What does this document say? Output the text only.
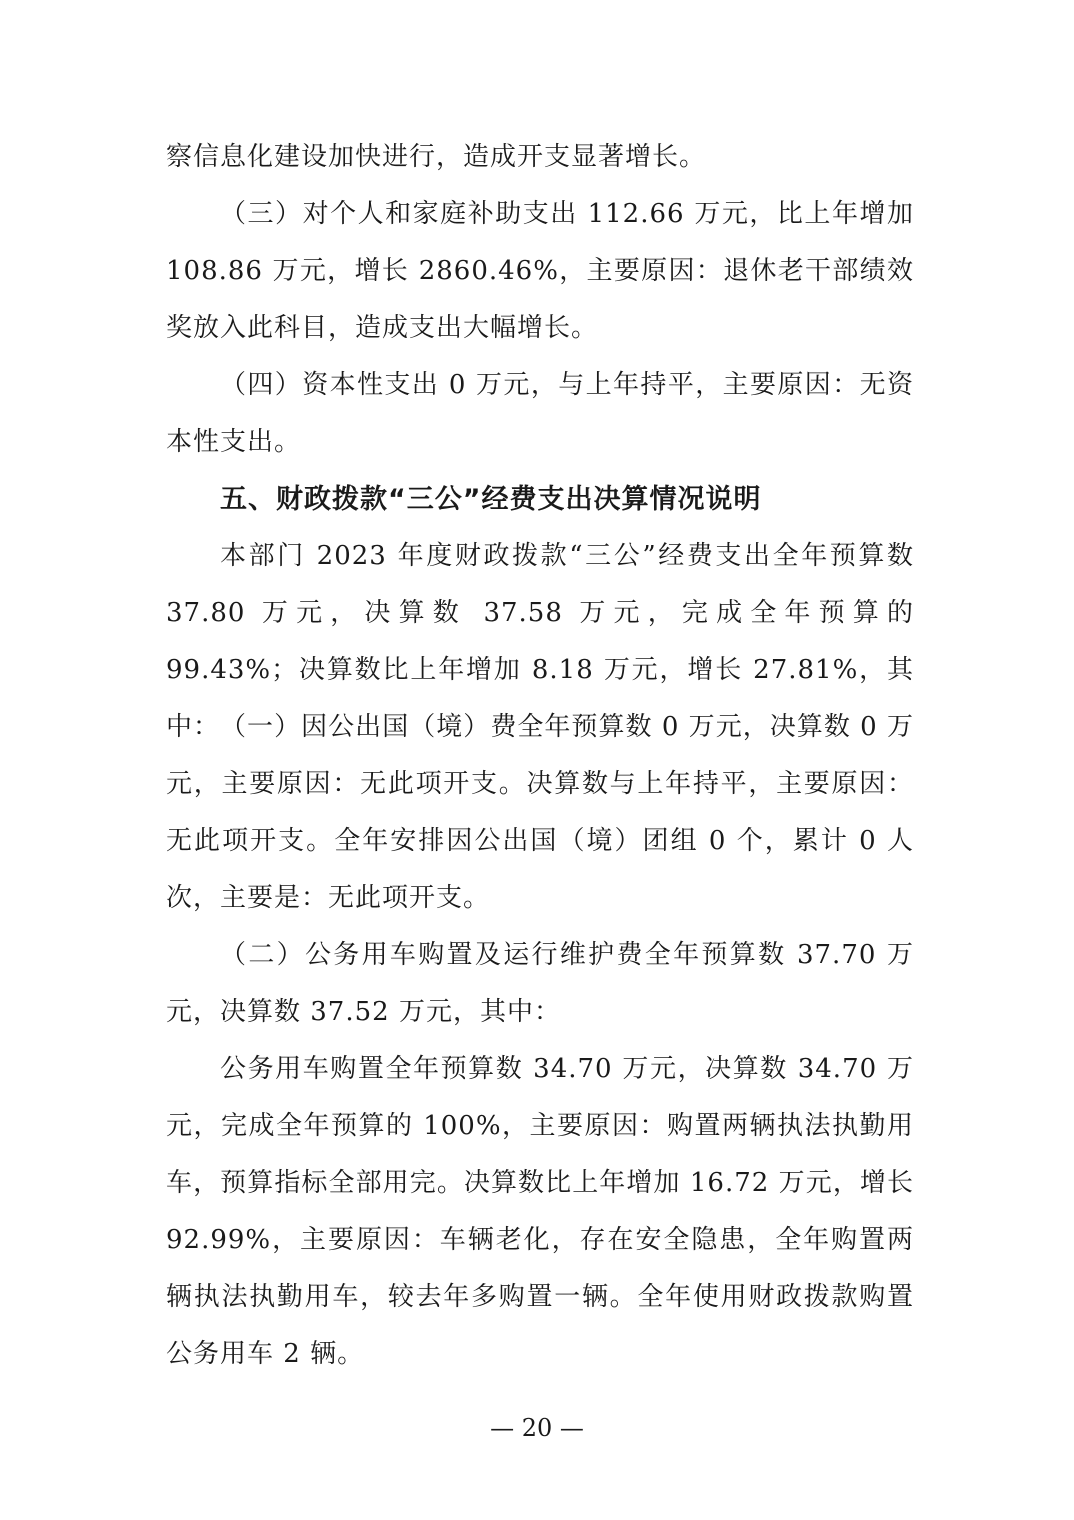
察信息化建设加快进行，造成开支显著增长。

（三）对个人和家庭补助支出 112.66 万元，比上年增加 108.86 万元，增长 2860.46%，主要原因：退休老干部绩效奖放入此科目，造成支出大幅增长。

（四）资本性支出 0 万元，与上年持平，主要原因：无资本性支出。

五、财政拨款“三公”经费支出决算情况说明

本部门 2023 年度财政拨款“三公”经费支出全年预算数 37.80 万元，决算数 37.58 万元，完成全年预算的 99.43%；决算数比上年增加 8.18 万元，增长 27.81%，其中： （一）因公出国（境）费全年预算数 0 万元，决算数 0 万元，主要原因：无此项开支。决算数与上年持平，主要原因：无此项开支。全年安排因公出国（境）团组 0 个，累计 0 人次，主要是：无此项开支。

（二）公务用车购置及运行维护费全年预算数 37.70 万元，决算数 37.52 万元，其中：

公务用车购置全年预算数 34.70 万元，决算数 34.70 万元，完成全年预算的 100%，主要原因：购置两辆执法执勤用车，预算指标全部用完。决算数比上年增加 16.72 万元，增长 92.99%，主要原因：车辆老化，存在安全隐患，全年购置两辆执法执勤用车，较去年多购置一辆。全年使用财政拨款购置公务用车 2 辆。

— 20 —
